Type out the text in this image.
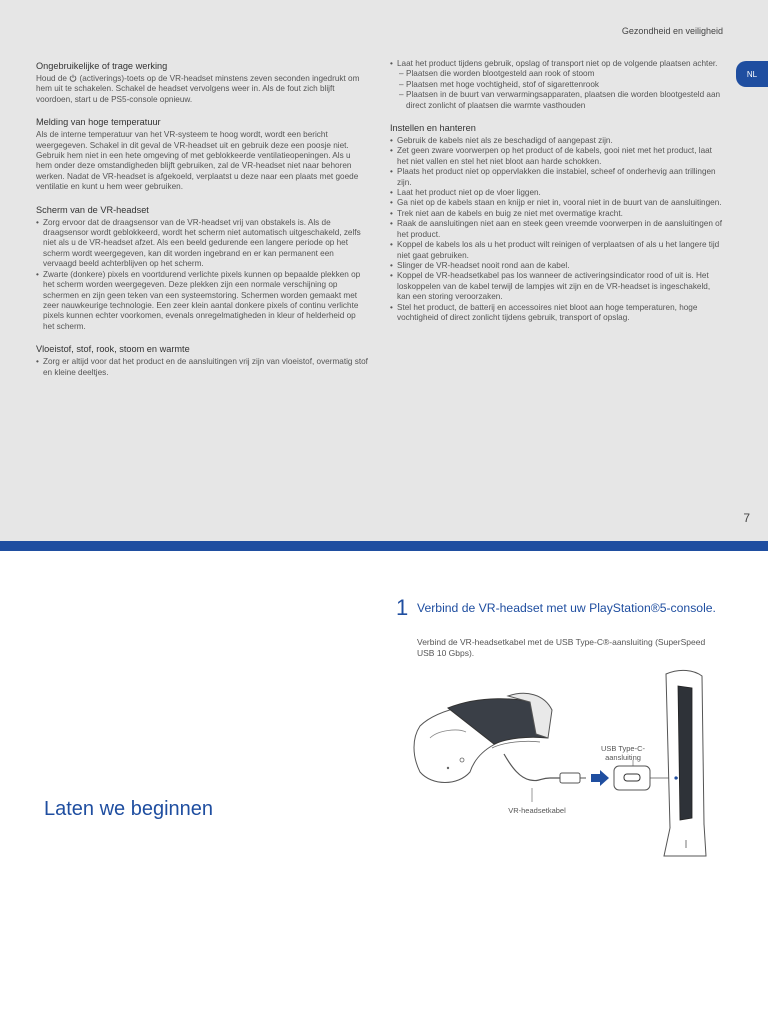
Gezondheid en veiligheid
NL
7
Ongebruikelijke of trage werking

Houd de  (activerings)-toets op de VR-headset minstens zeven seconden ingedrukt om hem uit te schakelen. Schakel de headset vervolgens weer in. Als de fout zich blijft voordoen, start u de PS5-console opnieuw.

Melding van hoge temperatuur

Als de interne temperatuur van het VR-systeem te hoog wordt, wordt een bericht weergegeven. Schakel in dit geval de VR-headset uit en gebruik deze een poosje niet. Gebruik hem niet in een hete omgeving of met geblokkeerde ventilatieopeningen. Als u hem onder deze omstandigheden blijft gebruiken, zal de VR-headset niet naar behoren werken. Nadat de VR-headset is afgekoeld, verplaatst u deze naar een plaats met goede ventilatie en kunt u hem weer gebruiken.

Scherm van de VR-headset
• Zorg ervoor dat de draagsensor van de VR-headset vrij van obstakels is. Als de draagsensor wordt geblokkeerd, wordt het scherm niet automatisch uitgeschakeld, zelfs niet als u de VR-headset afzet. Als een beeld gedurende een langere periode op het scherm wordt weergegeven, kan dit worden ingebrand en er kan permanent een vervaagd beeld achterblijven op het scherm.
• Zwarte (donkere) pixels en voortdurend verlichte pixels kunnen op bepaalde plekken op het scherm worden weergegeven. Deze plekken zijn een normale verschijning op schermen en zijn geen teken van een systeemstoring. Schermen worden gemaakt met zeer nauwkeurige technologie. Een zeer klein aantal donkere pixels of continu verlichte pixels kunnen echter voorkomen, evenals onregelmatigheden in kleur of helderheid op het scherm.
Vloeistof, stof, rook, stoom en warmte
• Zorg er altijd voor dat het product en de aansluitingen vrij zijn van vloeistof, overmatig stof en kleine deeltjes.
• Laat het product tijdens gebruik, opslag of transport niet op de volgende plaatsen achter.
– Plaatsen die worden blootgesteld aan rook of stoom
– Plaatsen met hoge vochtigheid, stof of sigarettenrook
– Plaatsen in de buurt van verwarmingsapparaten, plaatsen die worden blootgesteld aan direct zonlicht of plaatsen die warmte vasthouden
Instellen en hanteren
• Gebruik de kabels niet als ze beschadigd of aangepast zijn.
• Zet geen zware voorwerpen op het product of de kabels, gooi niet met het product, laat het niet vallen en stel het niet bloot aan harde schokken.
• Plaats het product niet op oppervlakken die instabiel, scheef of onderhevig aan trillingen zijn.
• Laat het product niet op de vloer liggen.
• Ga niet op de kabels staan en knijp er niet in, vooral niet in de buurt van de aansluitingen.
• Trek niet aan de kabels en buig ze niet met overmatige kracht.
• Raak de aansluitingen niet aan en steek geen vreemde voorwerpen in de aansluitingen of het product.
• Koppel de kabels los als u het product wilt reinigen of verplaatsen of als u het langere tijd niet gaat gebruiken.
• Slinger de VR-headset nooit rond aan de kabel.
• Koppel de VR-headsetkabel pas los wanneer de activeringsindicator rood of uit is. Het loskoppelen van de kabel terwijl de lampjes wit zijn en de VR-headset is ingeschakeld, kan een storing veroorzaken.
• Stel het product, de batterij en accessoires niet bloot aan hoge temperaturen, hoge vochtigheid of direct zonlicht tijdens gebruik, transport of opslag.
Laten we beginnen
1 Verbind de VR-headset met uw PlayStation®5-console.
Verbind de VR-headsetkabel met de USB Type-C®-aansluiting (SuperSpeed USB 10 Gbps).
USB Type-C-aansluiting
VR-headsetkabel
